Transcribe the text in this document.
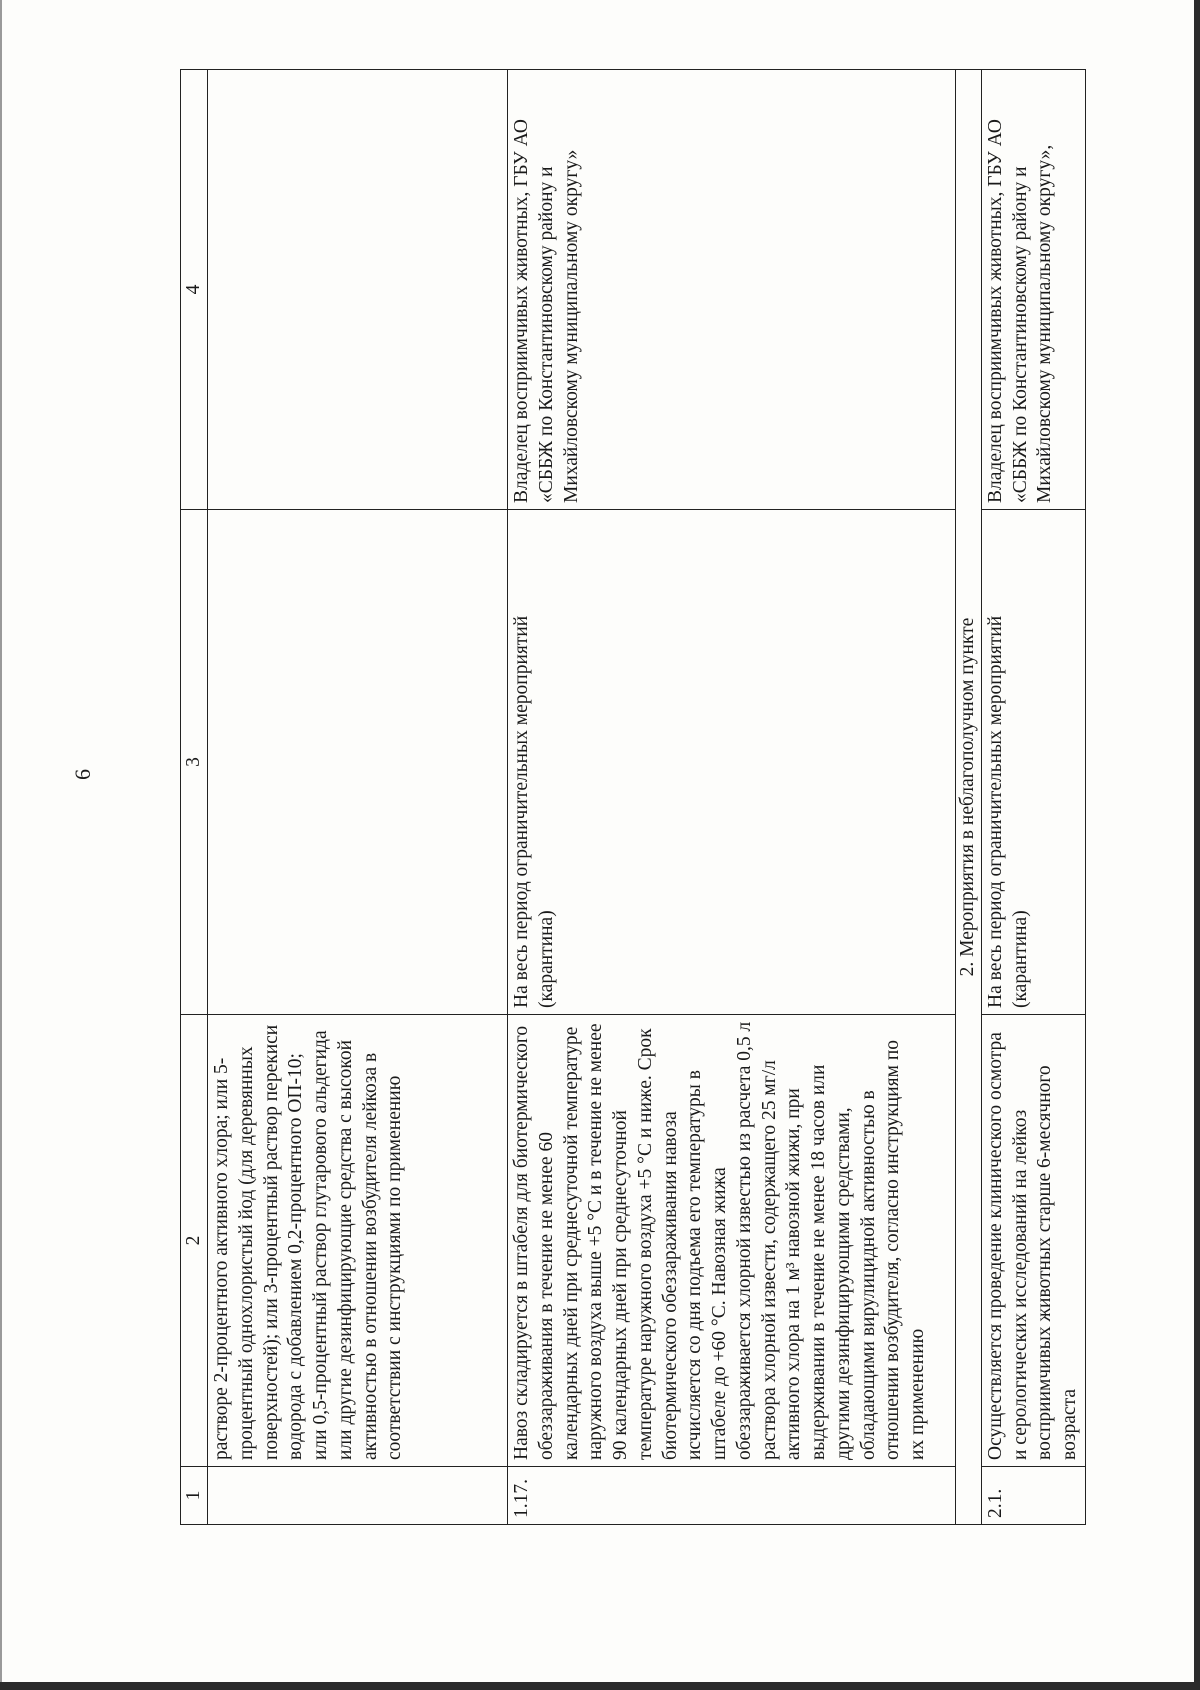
6
1	2	3	4
	растворе 2-процентного активного хлора; или 5-процентный однохлористый йод (для деревянных поверхностей); или 3-процентный раствор перекиси водорода с добавлением 0,2-процентного ОП-10; или 0,5-процентный раствор глутарового альдегида или другие дезинфицирующие средства с высокой активностью в отношении возбудителя лейкоза в соответствии с инструкциями по применению		
1.17.	Навоз складируется в штабеля для биотермического обеззараживания в течение не менее 60 календарных дней при среднесуточной температуре наружного воздуха выше +5 °С и в течение не менее 90 календарных дней при среднесуточной температуре наружного воздуха +5 °С и ниже. Срок биотермического обеззараживания навоза исчисляется со дня подъема его температуры в штабеле до +60 °С. Навозная жижа обеззараживается хлорной известью из расчета 0,5 л раствора хлорной извести, содержащего 25 мг/л активного хлора на 1 м³ навозной жижи, при выдерживании в течение не менее 18 часов или другими дезинфицирующими средствами, обладающими вирулицидной активностью в отношении возбудителя, согласно инструкциям по их применению	На весь период ограничительных мероприятий (карантина)	Владелец восприимчивых животных, ГБУ АО «СББЖ по Константиновскому району и Михайловскому муниципальному округу»
2. Мероприятия в неблагополучном пункте			
2.1.	Осуществляется проведение клинического осмотра и серологических исследований на лейкоз восприимчивых животных старше 6-месячного возраста	На весь период ограничительных мероприятий (карантина)	Владелец восприимчивых животных, ГБУ АО «СББЖ по Константиновскому району и Михайловскому муниципальному округу»,
